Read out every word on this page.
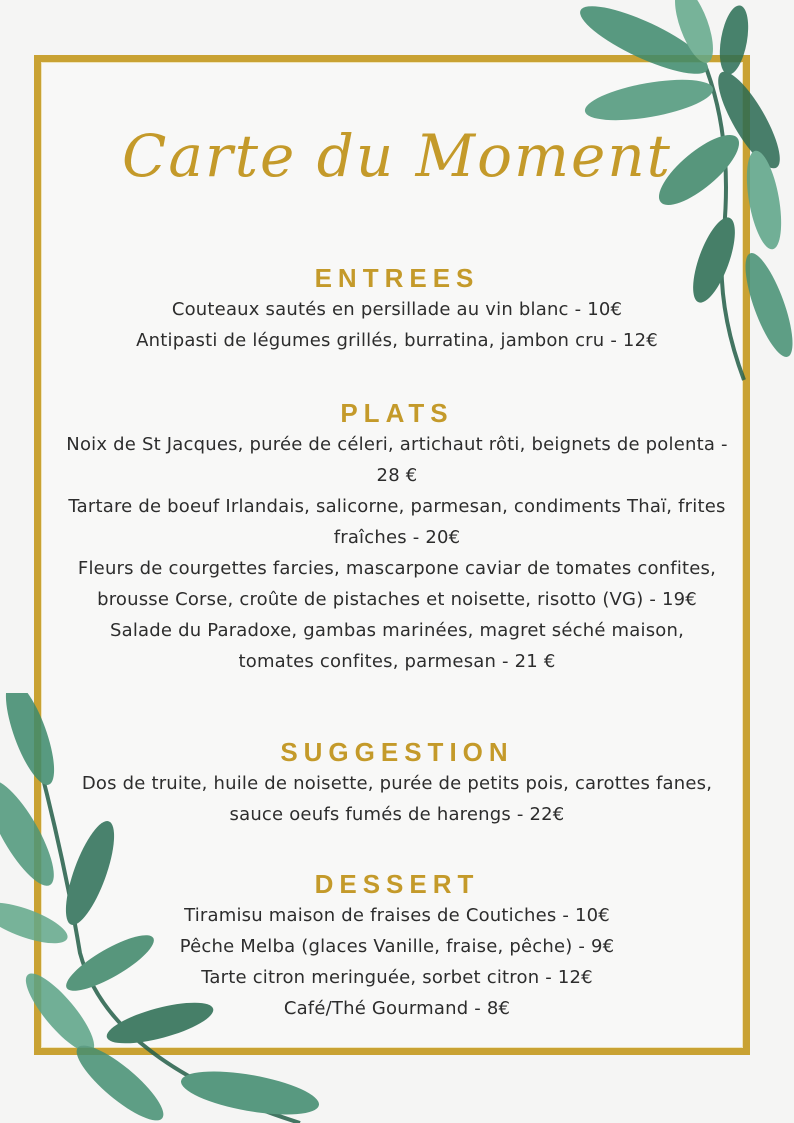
Carte du Moment
ENTREES
Couteaux sautés en persillade au vin blanc - 10€
Antipasti de légumes grillés, burratina, jambon cru - 12€
PLATS
Noix de St Jacques, purée de céleri, artichaut rôti, beignets de polenta - 28 €
Tartare de boeuf Irlandais, salicorne, parmesan, condiments Thaï, frites fraîches - 20€
Fleurs de courgettes farcies, mascarpone caviar de tomates confites, brousse Corse, croûte de pistaches et noisette, risotto (VG) - 19€
Salade du Paradoxe, gambas marinées, magret séché maison, tomates confites, parmesan - 21 €
SUGGESTION
Dos de truite, huile de noisette, purée de petits pois, carottes fanes, sauce oeufs fumés de harengs - 22€
DESSERT
Tiramisu maison de fraises de Coutiches - 10€
Pêche Melba (glaces Vanille, fraise, pêche) - 9€
Tarte citron meringuée, sorbet citron - 12€
Café/Thé Gourmand - 8€
